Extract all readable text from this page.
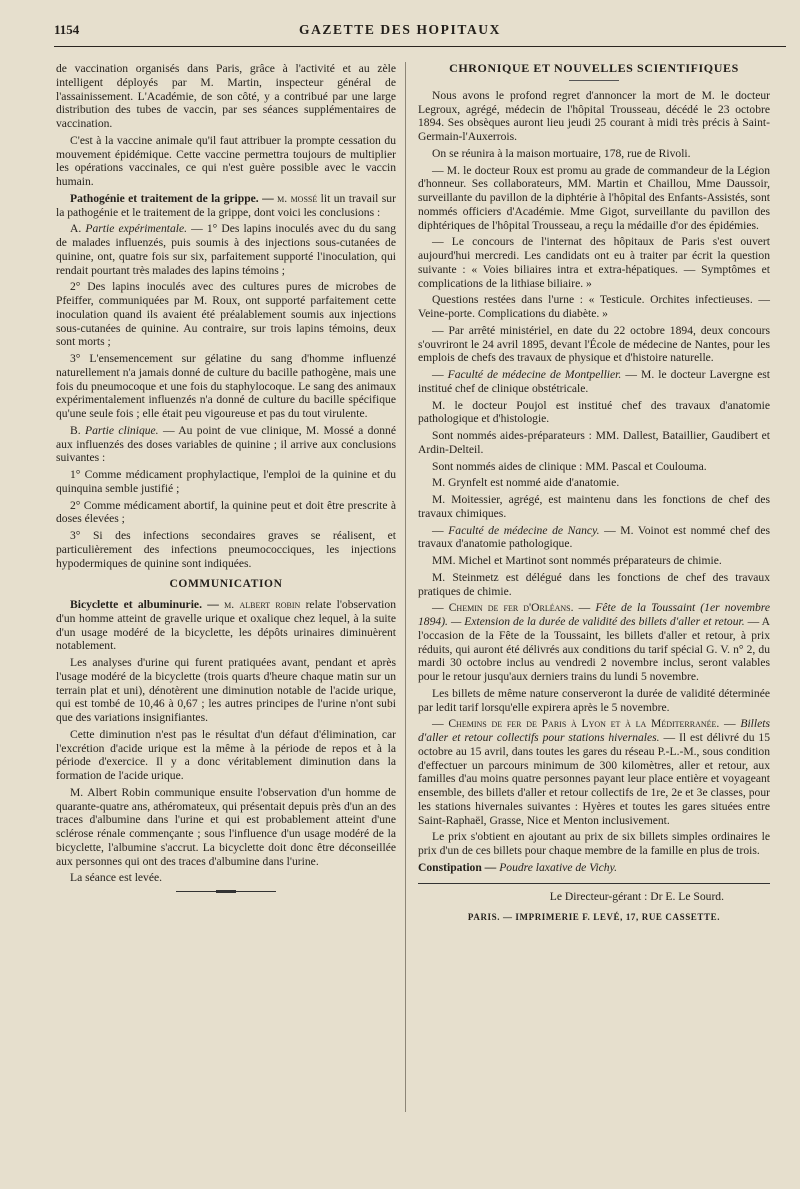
1154	GAZETTE DES HOPITAUX

de vaccination organisés dans Paris, grâce à l'activité et au zèle intelligent déployés par M. Martin, inspecteur général de l'assainissement. L'Académie, de son côté, y a contribué par une large distribution des tubes de vaccin, par ses séances supplémentaires de vaccination.

C'est à la vaccine animale qu'il faut attribuer la prompte cessation du mouvement épidémique. Cette vaccine permettra toujours de multiplier les opérations vaccinales, ce qui n'est guère possible avec le vaccin humain.

Pathogénie et traitement de la grippe. — m. mossé lit un travail sur la pathogénie et le traitement de la grippe, dont voici les conclusions :

A. Partie expérimentale. — 1° Des lapins inoculés avec du du sang de malades influenzés, puis soumis à des injections sous-cutanées de quinine, ont, quatre fois sur six, parfaitement supporté l'inoculation, qui rendait pourtant très malades des lapins témoins ;

2° Des lapins inoculés avec des cultures pures de microbes de Pfeiffer, communiquées par M. Roux, ont supporté parfaitement cette inoculation quand ils avaient été préalablement soumis aux injections sous-cutanées de quinine. Au contraire, sur trois lapins témoins, deux sont morts ;

3° L'ensemencement sur gélatine du sang d'homme influenzé naturellement n'a jamais donné de culture du bacille pathogène, mais une fois du pneumocoque et une fois du staphylocoque. Le sang des animaux expérimentalement influenzés n'a donné de culture du bacille spécifique qu'une seule fois ; elle était peu vigoureuse et pas du tout virulente.

B. Partie clinique. — Au point de vue clinique, M. Mossé a donné aux influenzés des doses variables de quinine ; il arrive aux conclusions suivantes :

1° Comme médicament prophylactique, l'emploi de la quinine et du quinquina semble justifié ;

2° Comme médicament abortif, la quinine peut et doit être prescrite à doses élevées ;

3° Si des infections secondaires graves se réalisent, et particulièrement des infections pneumococciques, les injections hypodermiques de quinine sont indiquées.

COMMUNICATION

Bicyclette et albuminurie. — m. albert robin relate l'observation d'un homme atteint de gravelle urique et oxalique chez lequel, à la suite d'un usage modéré de la bicyclette, les dépôts urinaires diminuèrent notablement.

Les analyses d'urine qui furent pratiquées avant, pendant et après l'usage modéré de la bicyclette (trois quarts d'heure chaque matin sur un terrain plat et uni), dénotèrent une diminution notable de l'acide urique, qui est tombé de 10,46 à 0,67 ; les autres principes de l'urine n'ont subi que des variations insignifiantes.

Cette diminution n'est pas le résultat d'un défaut d'élimination, car l'excrétion d'acide urique est la même à la période de repos et à la période d'exercice. Il y a donc véritablement diminution dans la formation de l'acide urique.

M. Albert Robin communique ensuite l'observation d'un homme de quarante-quatre ans, athéromateux, qui présentait depuis près d'un an des traces d'albumine dans l'urine et qui est probablement atteint d'une sclérose rénale commençante ; sous l'influence d'un usage modéré de la bicyclette, l'albumine s'accrut. La bicyclette doit donc être déconseillée aux personnes qui ont des traces d'albumine dans l'urine.

La séance est levée.

CHRONIQUE ET NOUVELLES SCIENTIFIQUES

Nous avons le profond regret d'annoncer la mort de M. le docteur Legroux, agrégé, médecin de l'hôpital Trousseau, décédé le 23 octobre 1894. Ses obsèques auront lieu jeudi 25 courant à midi très précis à Saint-Germain-l'Auxerrois.

On se réunira à la maison mortuaire, 178, rue de Rivoli.

— M. le docteur Roux est promu au grade de commandeur de la Légion d'honneur. Ses collaborateurs, MM. Martin et Chaillou, Mme Daussoir, surveillante du pavillon de la diphtérie à l'hôpital des Enfants-Assistés, sont nommés officiers d'Académie. Mme Gigot, surveillante du pavillon des diphtériques de l'hôpital Trousseau, a reçu la médaille d'or des épidémies.

— Le concours de l'internat des hôpitaux de Paris s'est ouvert aujourd'hui mercredi. Les candidats ont eu à traiter par écrit la question suivante : « Voies biliaires intra et extra-hépatiques. — Symptômes et complications de la lithiase biliaire. »

Questions restées dans l'urne : « Testicule. Orchites infectieuses. — Veine-porte. Complications du diabète. »

— Par arrêté ministériel, en date du 22 octobre 1894, deux concours s'ouvriront le 24 avril 1895, devant l'École de médecine de Nantes, pour les emplois de chefs des travaux de physique et d'histoire naturelle.

— Faculté de médecine de Montpellier. — M. le docteur Lavergne est institué chef de clinique obstétricale.

M. le docteur Poujol est institué chef des travaux d'anatomie pathologique et d'histologie.

Sont nommés aides-préparateurs : MM. Dallest, Bataillier, Gaudibert et Ardin-Delteil.

Sont nommés aides de clinique : MM. Pascal et Coulouma.

M. Grynfelt est nommé aide d'anatomie.

M. Moitessier, agrégé, est maintenu dans les fonctions de chef des travaux chimiques.

— Faculté de médecine de Nancy. — M. Voinot est nommé chef des travaux d'anatomie pathologique.

MM. Michel et Martinot sont nommés préparateurs de chimie.

M. Steinmetz est délégué dans les fonctions de chef des travaux pratiques de chimie.

— Chemin de fer d'Orléans. — Fête de la Toussaint (1er novembre 1894). — Extension de la durée de validité des billets d'aller et retour. — A l'occasion de la Fête de la Toussaint, les billets d'aller et retour, à prix réduits, qui auront été délivrés aux conditions du tarif spécial G. V. n° 2, du mardi 30 octobre inclus au vendredi 2 novembre inclus, seront valables pour le retour jusqu'aux derniers trains du lundi 5 novembre.

Les billets de même nature conserveront la durée de validité déterminée par ledit tarif lorsqu'elle expirera après le 5 novembre.

— Chemins de fer de Paris à Lyon et à la Méditerranée. — Billets d'aller et retour collectifs pour stations hivernales. — Il est délivré du 15 octobre au 15 avril, dans toutes les gares du réseau P.-L.-M., sous condition d'effectuer un parcours minimum de 300 kilomètres, aller et retour, aux familles d'au moins quatre personnes payant leur place entière et voyageant ensemble, des billets d'aller et retour collectifs de 1re, 2e et 3e classes, pour les stations hivernales suivantes : Hyères et toutes les gares situées entre Saint-Raphaël, Grasse, Nice et Menton inclusivement.

Le prix s'obtient en ajoutant au prix de six billets simples ordinaires le prix d'un de ces billets pour chaque membre de la famille en plus de trois.

Constipation — Poudre laxative de Vichy.

Le Directeur-gérant : Dr E. Le Sourd.
PARIS. — IMPRIMERIE F. LEVÉ, 17, RUE CASSETTE.
